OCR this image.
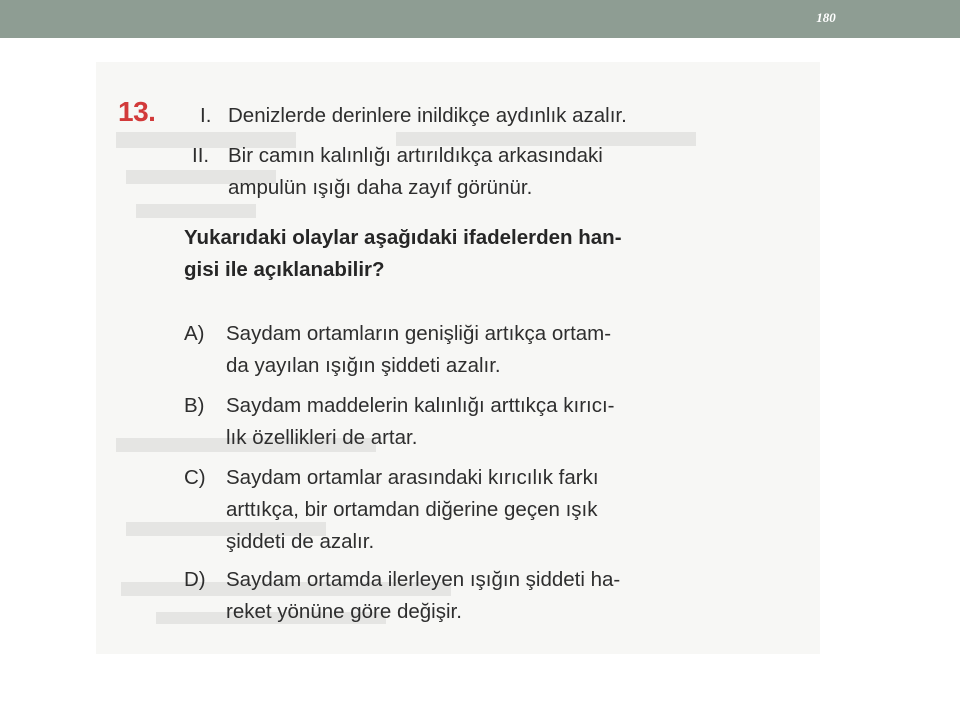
180
13. I. Denizlerde derinlere inildikçe aydınlık azalır.
II. Bir camın kalınlığı artırıldıkça arkasındaki
ampulün ışığı daha zayıf görünür.
Yukarıdaki olaylar aşağıdaki ifadelerden han-
gisi ile açıklanabilir?
A) Saydam ortamların genişliği artıkça ortam-
da yayılan ışığın şiddeti azalır.
B) Saydam maddelerin kalınlığı arttıkça kırıcı-
lık özellikleri de artar.
C) Saydam ortamlar arasındaki kırıcılık farkı
arttıkça, bir ortamdan diğerine geçen ışık
şiddeti de azalır.
D) Saydam ortamda ilerleyen ışığın şiddeti ha-
reket yönüne göre değişir.
